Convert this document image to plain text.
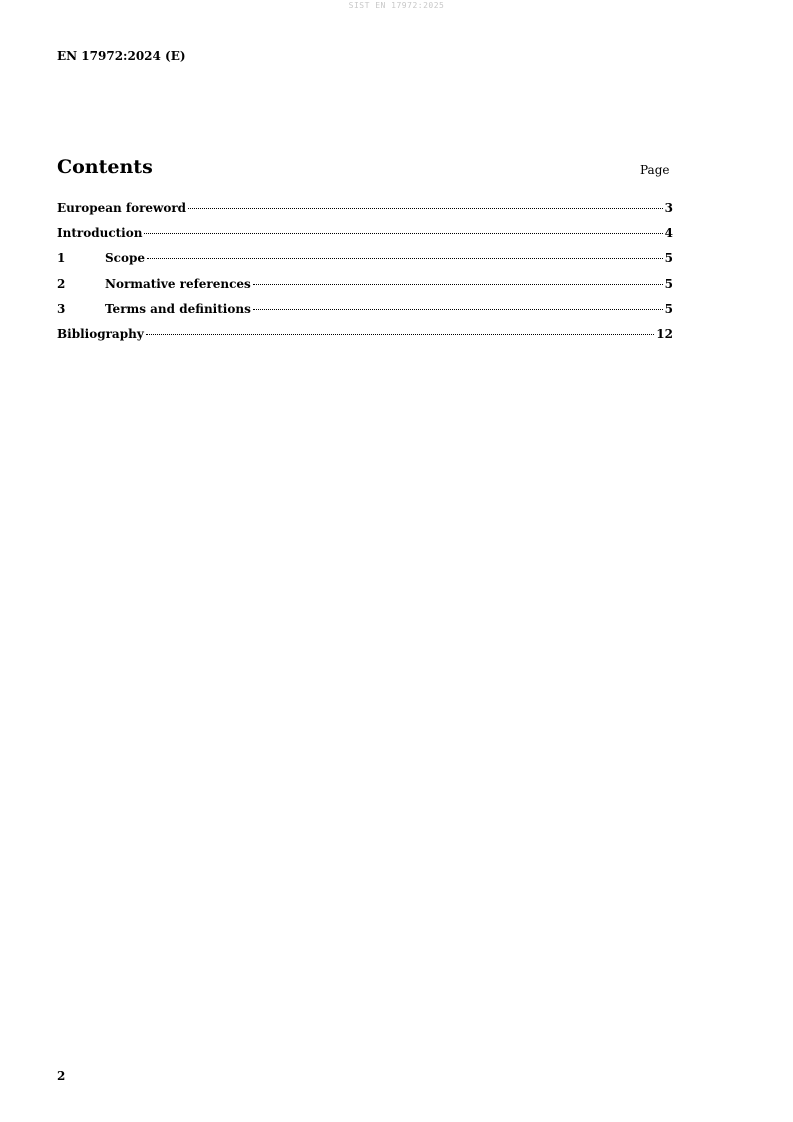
SIST EN 17972:2025
EN 17972:2024 (E)
Contents	Page
European foreword	3
Introduction	4
1	Scope	5
2	Normative references	5
3	Terms and definitions	5
Bibliography	12
2
